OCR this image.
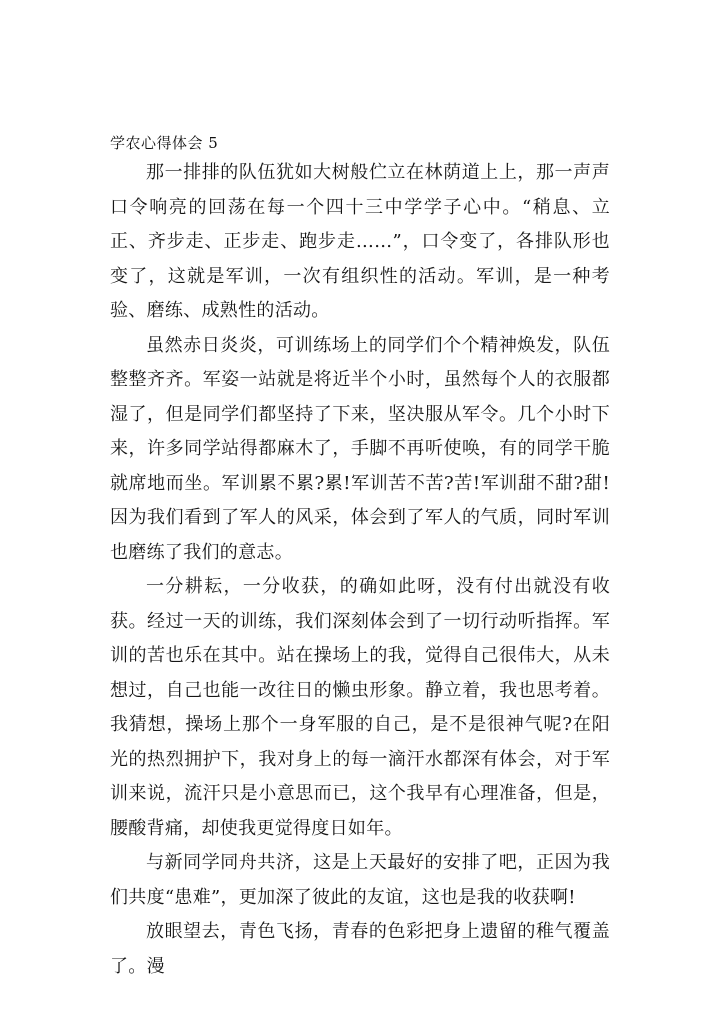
学农心得体会 5

那一排排的队伍犹如大树般伫立在林荫道上上，那一声声口令响亮的回荡在每一个四十三中学学子心中。“稍息、立正、齐步走、正步走、跑步走……”，口令变了，各排队形也变了，这就是军训，一次有组织性的活动。军训，是一种考验、磨练、成熟性的活动。

虽然赤日炎炎，可训练场上的同学们个个精神焕发，队伍整整齐齐。军姿一站就是将近半个小时，虽然每个人的衣服都湿了，但是同学们都坚持了下来，坚决服从军令。几个小时下来，许多同学站得都麻木了，手脚不再听使唤，有的同学干脆就席地而坐。军训累不累?累!军训苦不苦?苦!军训甜不甜?甜!因为我们看到了军人的风采，体会到了军人的气质，同时军训也磨练了我们的意志。

一分耕耘，一分收获，的确如此呀，没有付出就没有收获。经过一天的训练，我们深刻体会到了一切行动听指挥。军训的苦也乐在其中。站在操场上的我，觉得自己很伟大，从未想过，自己也能一改往日的懒虫形象。静立着，我也思考着。我猜想，操场上那个一身军服的自己，是不是很神气呢?在阳光的热烈拥护下，我对身上的每一滴汗水都深有体会，对于军训来说，流汗只是小意思而已，这个我早有心理准备，但是，腰酸背痛，却使我更觉得度日如年。

与新同学同舟共济，这是上天最好的安排了吧，正因为我们共度“患难”，更加深了彼此的友谊，这也是我的收获啊!

放眼望去，青色飞扬，青春的色彩把身上遗留的稚气覆盖了。漫
